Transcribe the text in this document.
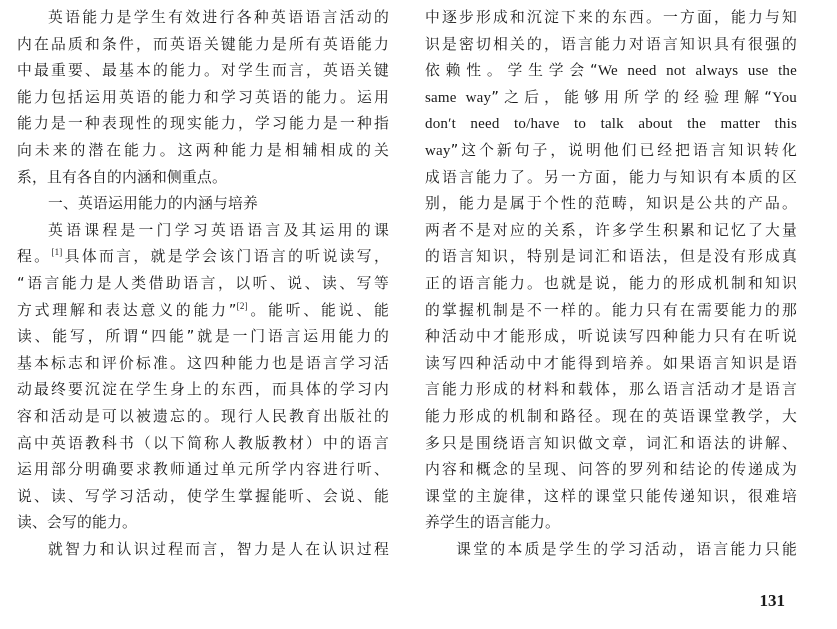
英语能力是学生有效进行各种英语语言活动的
内在品质和条件，而英语关键能力是所有英语能力
中最重要、最基本的能力。对学生而言，英语关键
能力包括运用英语的能力和学习英语的能力。运用
能力是一种表现性的现实能力，学习能力是一种指
向未来的潜在能力。这两种能力是相辅相成的关
系，且有各自的内涵和侧重点。
一、英语运用能力的内涵与培养
英语课程是一门学习英语语言及其运用的课
程。[1]具体而言，就是学会该门语言的听说读写，
“语言能力是人类借助语言，以听、说、读、写等
方式理解和表达意义的能力”[2]。能听、能说、能
读、能写，所谓“四能”就是一门语言运用能力的
基本标志和评价标准。这四种能力也是语言学习活
动最终要沉淀在学生身上的东西，而具体的学习内
容和活动是可以被遗忘的。现行人民教育出版社的
高中英语教科书（以下简称人教版教材）中的语言
运用部分明确要求教师通过单元所学内容进行听、
说、读、写学习活动，使学生掌握能听、会说、能
读、会写的能力。
就智力和认识过程而言，智力是人在认识过程
中逐步形成和沉淀下来的东西。一方面，能力与知
识是密切相关的，语言能力对语言知识具有很强的
依赖性。学生学会“We need not always use the
same way”之后，能够用所学的经验理解“You
don′t need to/have to talk about the matter this
way”这个新句子，说明他们已经把语言知识转化
成语言能力了。另一方面，能力与知识有本质的区
别，能力是属于个性的范畴，知识是公共的产品。
两者不是对应的关系，许多学生积累和记忆了大量
的语言知识，特别是词汇和语法，但是没有形成真
正的语言能力。也就是说，能力的形成机制和知识
的掌握机制是不一样的。能力只有在需要能力的那
种活动中才能形成，听说读写四种能力只有在听说
读写四种活动中才能得到培养。如果语言知识是语
言能力形成的材料和载体，那么语言活动才是语言
能力形成的机制和路径。现在的英语课堂教学，大
多只是围绕语言知识做文章，词汇和语法的讲解、
内容和概念的呈现、问答的罗列和结论的传递成为
课堂的主旋律，这样的课堂只能传递知识，很难培
养学生的语言能力。
课堂的本质是学生的学习活动，语言能力只能
131
